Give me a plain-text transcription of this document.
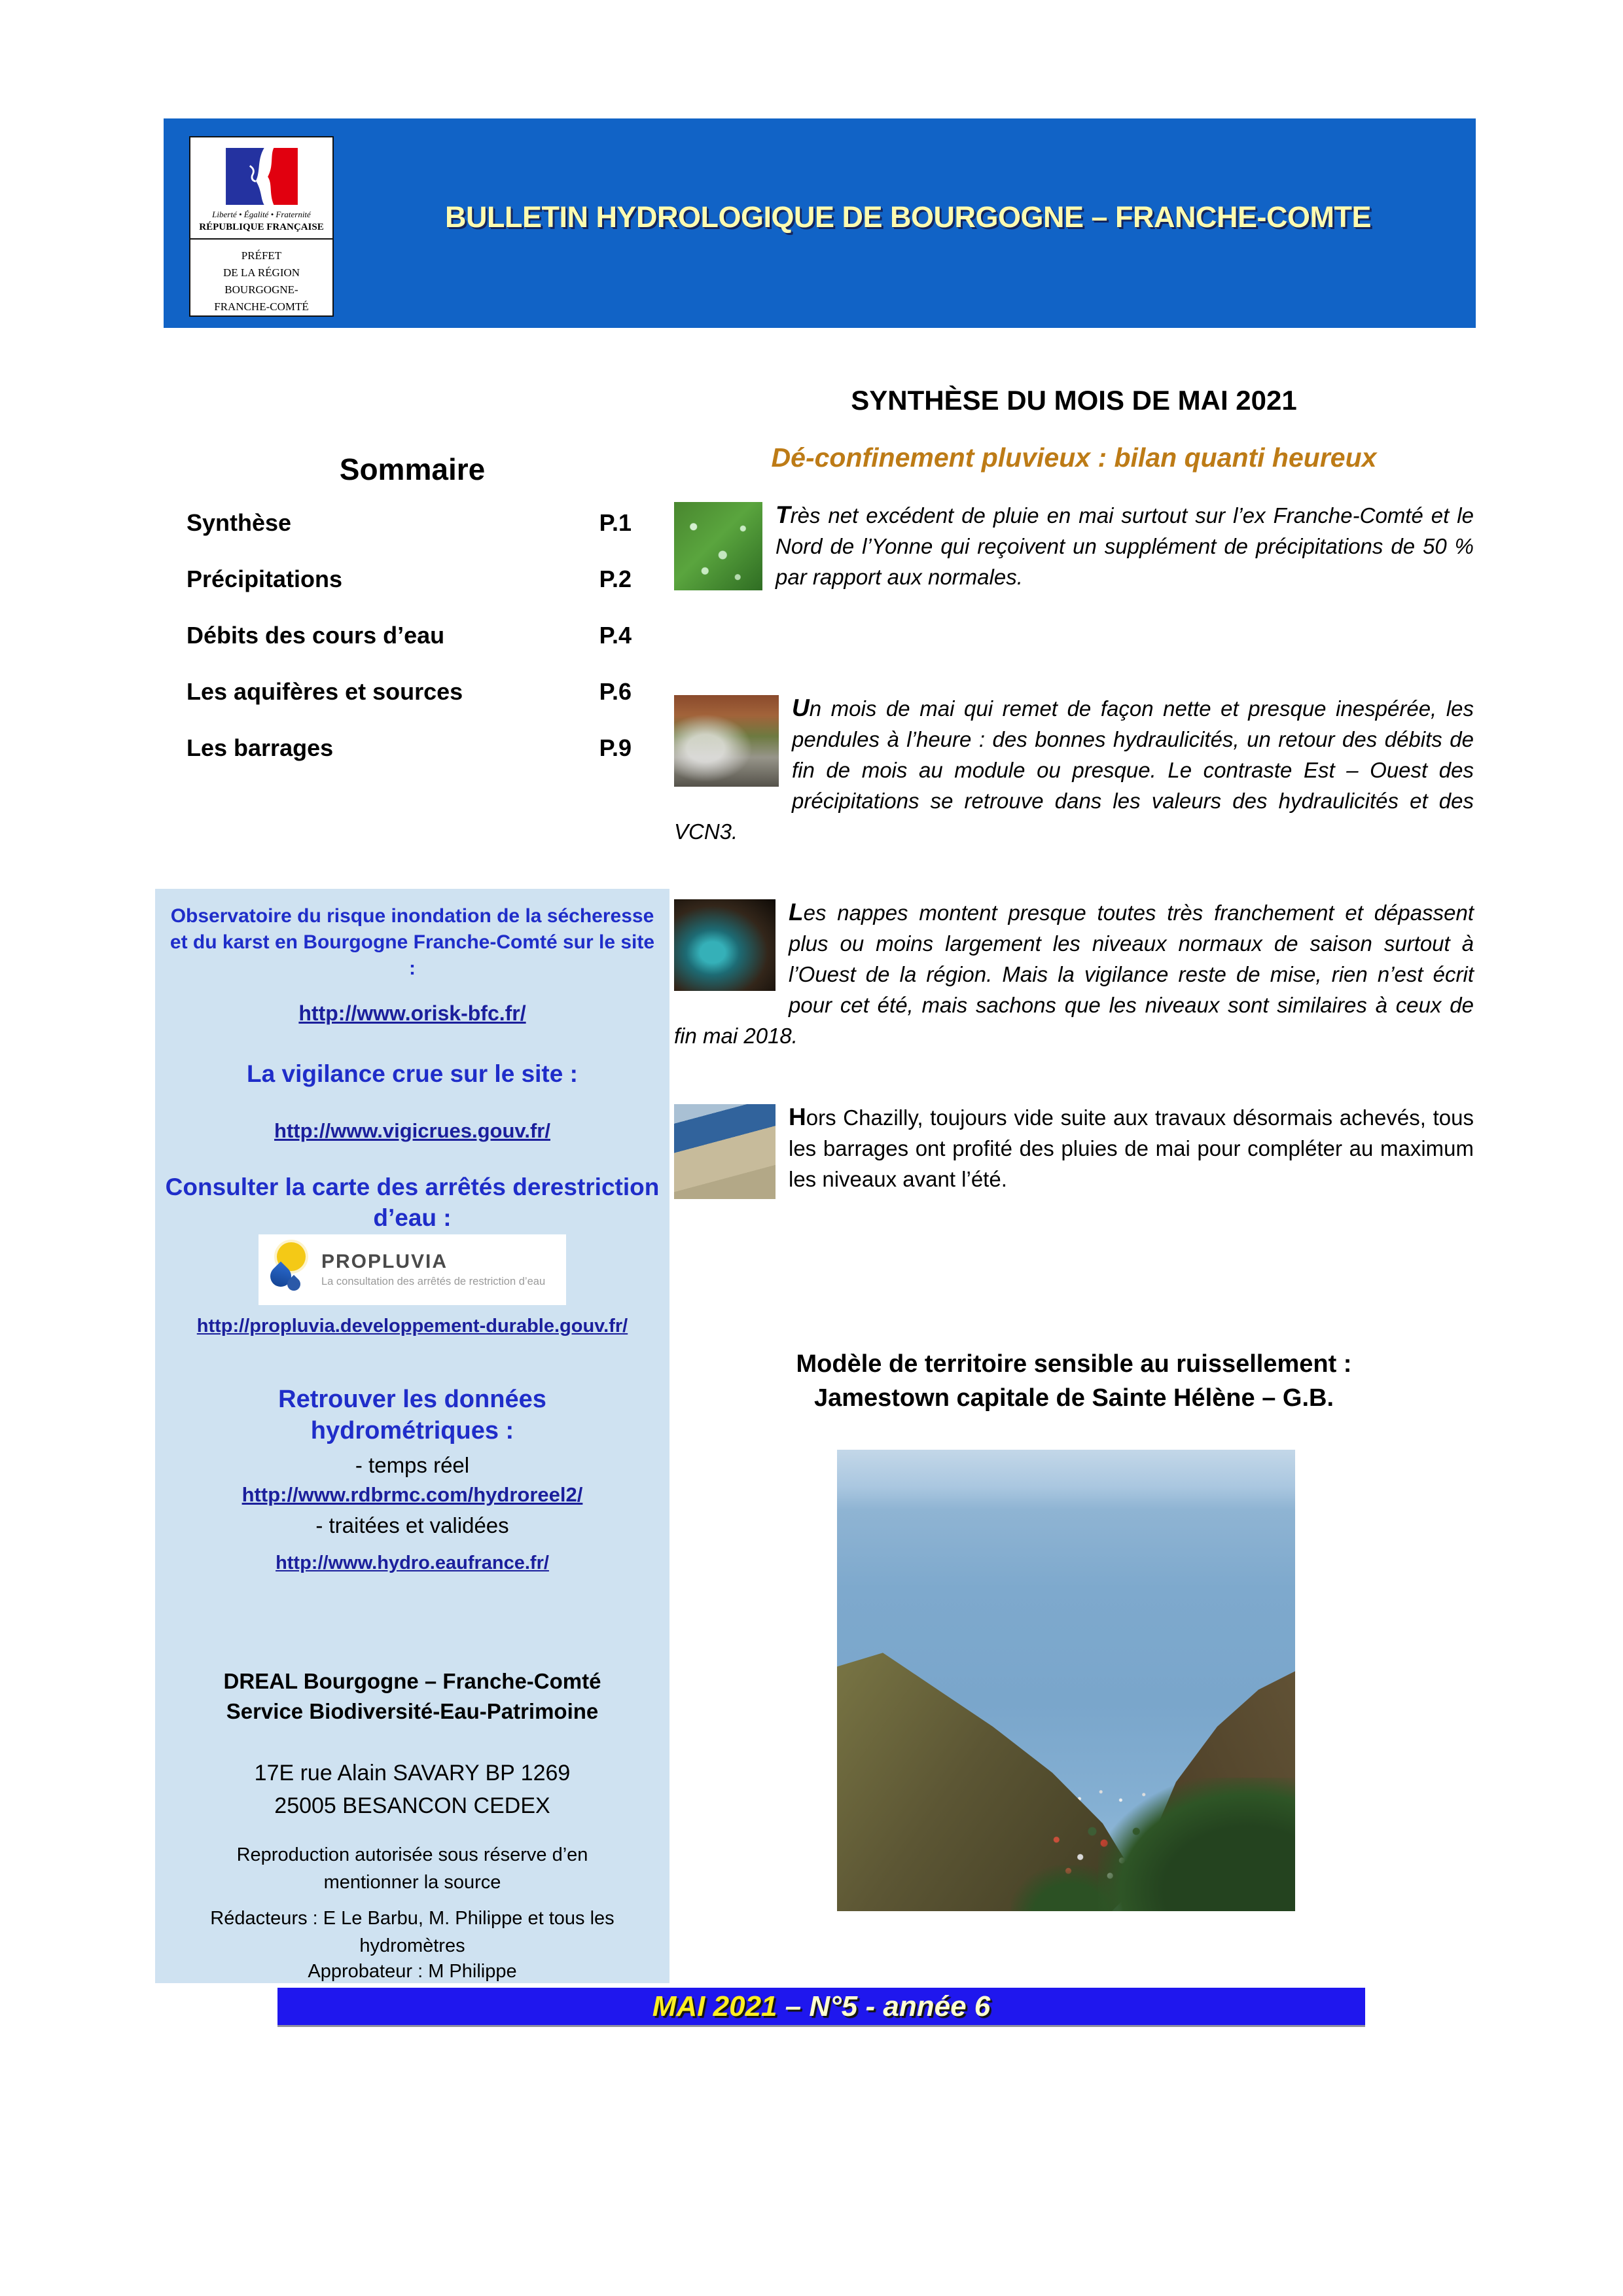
Liberté • Égalité • Fraternité
RÉPUBLIQUE FRANÇAISE
PRÉFET
DE LA RÉGION
BOURGOGNE-
FRANCHE-COMTÉ
BULLETIN HYDROLOGIQUE DE BOURGOGNE – FRANCHE-COMTE
SYNTHÈSE DU MOIS DE MAI 2021
Dé-confinement pluvieux : bilan quanti heureux
Sommaire
Synthèse	P.1
Précipitations	P.2
Débits des cours d’eau	P.4
Les aquifères et sources	P.6
Les barrages	P.9
Très net excédent de pluie en mai surtout sur l’ex Franche-Comté et le Nord de l’Yonne qui reçoivent un supplément de précipitations de 50 % par rapport aux normales.
Un mois de mai qui remet de façon nette et presque inespérée, les pendules à l’heure : des bonnes hydraulicités, un retour des débits de fin de mois au module ou presque. Le contraste Est – Ouest des précipitations se retrouve dans les valeurs des hydraulicités et des VCN3.
Les nappes montent presque toutes très franchement et dépassent plus ou moins largement les niveaux normaux de saison surtout à l’Ouest de la région. Mais la vigilance reste de mise, rien n’est écrit pour cet été, mais sachons que les niveaux sont similaires à ceux de fin mai 2018.
Hors Chazilly, toujours vide suite aux travaux désormais achevés, tous les barrages ont profité des pluies de mai pour compléter au maximum les niveaux avant l’été.
Modèle de territoire sensible au ruissellement :
Jamestown capitale de Sainte Hélène – G.B.
Observatoire du risque inondation de la sécheresse et du karst en Bourgogne Franche-Comté sur le site :
http://www.orisk-bfc.fr/
La vigilance crue sur le site :
http://www.vigicrues.gouv.fr/
Consulter la carte des arrêtés derestriction d’eau :
PROPLUVIA
La consultation des arrêtés de restriction d’eau
http://propluvia.developpement-durable.gouv.fr/
Retrouver les données hydrométriques :
- temps réel
http://www.rdbrmc.com/hydroreel2/
- traitées et validées
http://www.hydro.eaufrance.fr/
DREAL Bourgogne – Franche-Comté
Service Biodiversité-Eau-Patrimoine
17E rue Alain SAVARY BP 1269
25005 BESANCON CEDEX
Reproduction autorisée sous réserve d’en mentionner la source
Rédacteurs : E Le Barbu, M. Philippe et tous les hydromètres
Approbateur : M Philippe
MAI 2021 – N°5 - année 6
